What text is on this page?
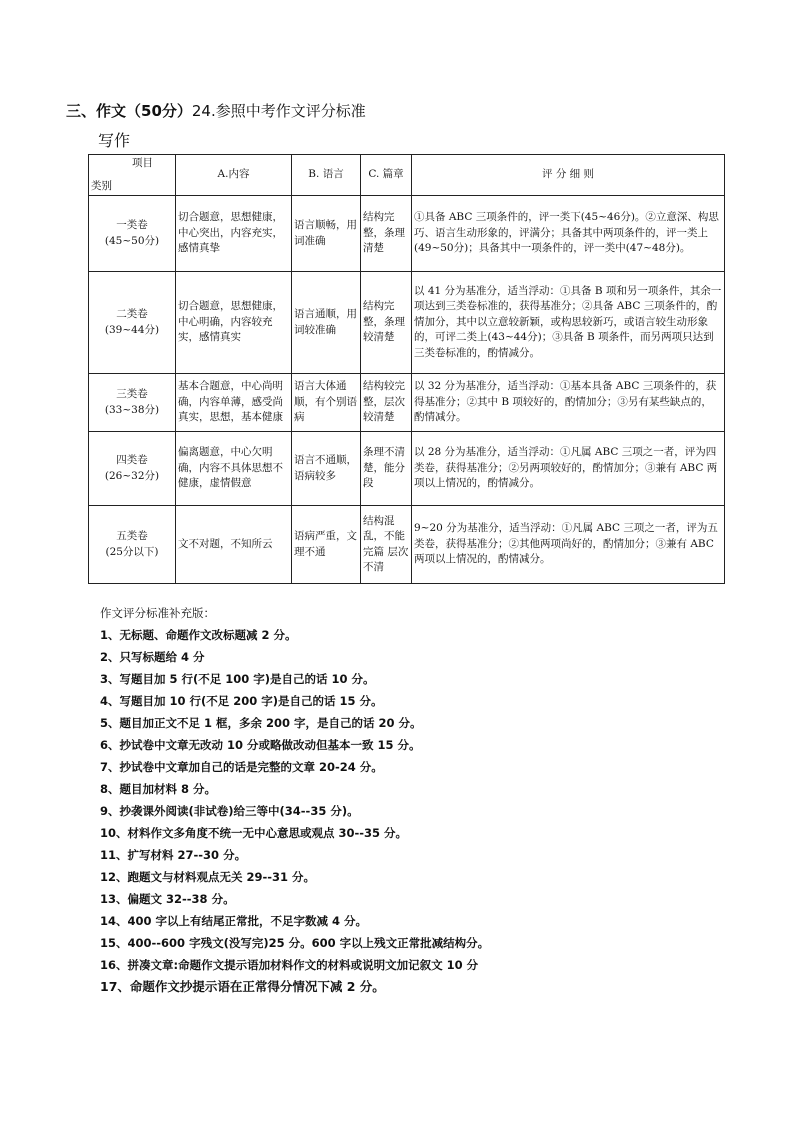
三、作文（50分）24.参照中考作文评分标准
写作
项目
类别	A.内容	B. 语言	C. 篇章	评 分 细 则

一类卷
(45~50分)	切合题意，思想健康，中心突出，内容充实，感情真挚	语言顺畅，用词准确	结构完整，条理清楚	①具备 ABC 三项条件的，评一类下(45~46分)。②立意深、构思巧、语言生动形象的，评满分；具备其中两项条件的，评一类上(49~50分)；具备其中一项条件的，评一类中(47~48分)。

二类卷
(39~44分)	切合题意，思想健康，中心明确，内容较充实，感情真实	语言通顺，用词较准确	结构完整，条理较清楚	以 41 分为基准分，适当浮动：①具备 B 项和另一项条件，其余一项达到三类卷标准的，获得基准分；②具备 ABC 三项条件的，酌情加分，其中以立意较新颖，或构思较新巧，或语言较生动形象的，可评二类上(43~44分)；③具备 B 项条件，而另两项只达到三类卷标准的，酌情减分。

三类卷
(33~38分)	基本合题意，中心尚明确，内容单薄，感受尚真实，思想，基本健康	语言大体通顺，有个别语病	结构较完整，层次较清楚	以 32 分为基准分，适当浮动：①基本具备 ABC 三项条件的，获得基准分；②其中 B 项较好的，酌情加分；③另有某些缺点的，酌情减分。

四类卷
(26~32分)	偏离题意，中心欠明确，内容不具体思想不健康，虚情假意	语言不通顺，语病较多	条理不清楚，能分段	以 28 分为基准分，适当浮动：①凡属 ABC 三项之一者，评为四类卷，获得基准分；②另两项较好的，酌情加分；③兼有 ABC 两项以上情况的，酌情减分。

五类卷
(25分以下)	文不对题，不知所云	语病严重，文理不通	结构混乱，不能完篇 层次不清	9~20 分为基准分，适当浮动：①凡属 ABC 三项之一者，评为五类卷，获得基准分；②其他两项尚好的，酌情加分；③兼有 ABC 两项以上情况的，酌情减分。
作文评分标准补充版：
1、无标题、命题作文改标题减 2 分。
2、只写标题给 4 分
3、写题目加 5 行(不足 100 字)是自己的话 10 分。
4、写题目加 10 行(不足 200 字)是自己的话 15 分。
5、题目加正文不足 1 框，多余 200 字，是自己的话 20 分。
6、抄试卷中文章无改动 10 分或略做改动但基本一致 15 分。
7、抄试卷中文章加自己的话是完整的文章 20-24 分。
8、题目加材料 8 分。
9、抄袭课外阅读(非试卷)给三等中(34--35 分)。
10、材料作文多角度不统一无中心意思或观点 30--35 分。
11、扩写材料 27--30 分。
12、跑题文与材料观点无关 29--31 分。
13、偏题文 32--38 分。
14、400 字以上有结尾正常批，不足字数减 4 分。
15、400--600 字残文(没写完)25 分。600 字以上残文正常批减结构分。
16、拼凑文章:命题作文提示语加材料作文的材料或说明文加记叙文 10 分
17、命题作文抄提示语在正常得分情况下减 2 分。
